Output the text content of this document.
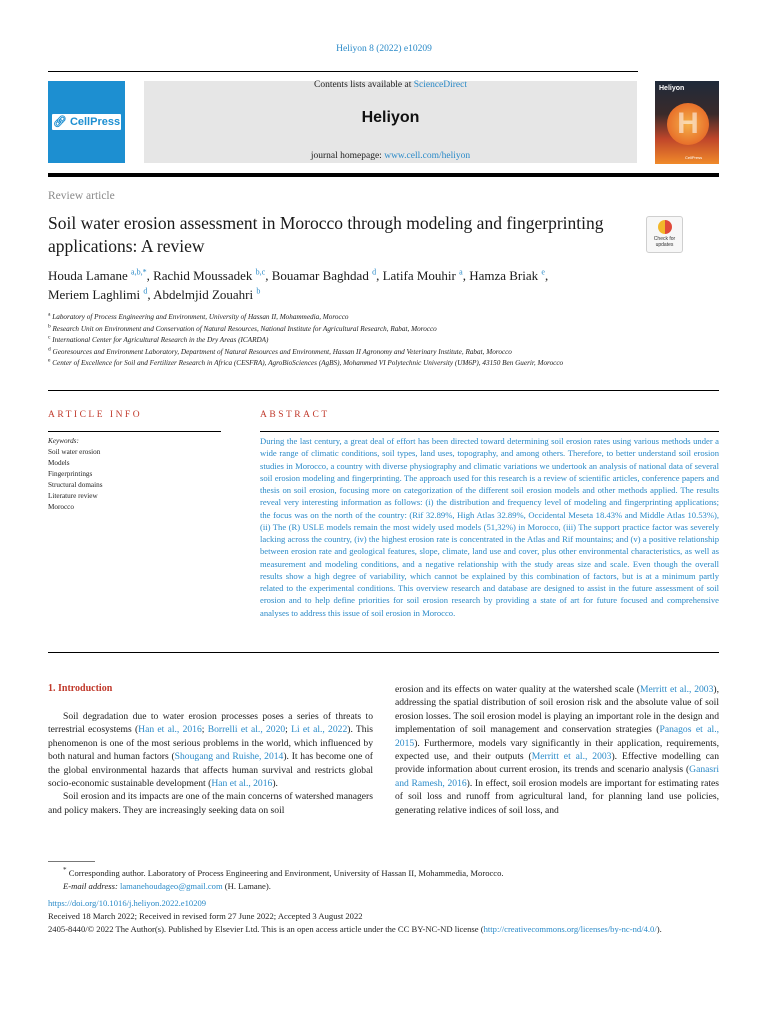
Heliyon 8 (2022) e10209
🔗︎ CellPress
Contents lists available at ScienceDirect
Heliyon
journal homepage: www.cell.com/heliyon
Heliyon
H
CellPress
Review article
Soil water erosion assessment in Morocco through modeling and fingerprinting applications: A review	Check for updates
Houda Lamane $^{a,b,*}$, Rachid Moussadek $^{b,c}$, Bouamar Baghdad $^d$, Latifa Mouhir $^a$, Hamza Briak $^e$,
Meriem Laghlimi $^d$, Abdelmjid Zouahri $^b$
$^a$ Laboratory of Process Engineering and Environment, University of Hassan II, Mohammedia, Morocco
$^b$ Research Unit on Environment and Conservation of Natural Resources, National Institute for Agricultural Research, Rabat, Morocco
$^c$ International Center for Agricultural Research in the Dry Areas (ICARDA)
$^d$ Georesources and Environment Laboratory, Department of Natural Resources and Environment, Hassan II Agronomy and Veterinary Institute, Rabat, Morocco
$^e$ Center of Excellence for Soil and Fertilizer Research in Africa (CESFRA), AgroBioSciences (AgBS), Mohammed VI Polytechnic University (UM6P), 43150 Ben Guerir, Morocco
ARTICLE INFO	ABSTRACT
Keywords:
Soil water erosion
Models
Fingerprintings
Structural domains
Literature review
Morocco
During the last century, a great deal of effort has been directed toward determining soil erosion rates using various methods under a wide range of climatic conditions, soil types, land uses, topography, and among others. Therefore, to better understand soil erosion studies in Morocco, a country with diverse physiography and climatic variations we undertook an analysis of national data of several soil erosion modeling and fingerprinting. The approach used for this research is a review of scientific articles, conference papers and thesis on soil erosion, focusing more on categorization of the different soil erosion models and other methods applied. The results reveal very interesting information as follows: (i) the distribution and frequency level of modeling and fingerprinting applications; the focus was on the north of the country: (Rif 32.89%, High Atlas 32.89%, Occidental Meseta 18.43% and Middle Atlas 10.53%), (ii) The (R) USLE models remain the most widely used models (51,32%) in Morocco, (iii) The support practice factor was severely lacking across the country, (iv) the highest erosion rate is concentrated in the Atlas and Rif mountains; and (v) a positive relationship between erosion rate and geological features, slope, climate, land use and cover, plus other environmental characteristics, as well as measurement and modeling conditions, and a negative relationship with the study areas size and scale. Even though the overall results show a high degree of variability, which cannot be explained by this combination of factors, but is at a minimum partly related to the experimental conditions. This overview research and database are designed to assist in the future assessment of soil erosion and to help define priorities for soil erosion research by providing a state of art for future focused and comprehensive analyses to address this issue of soil erosion in Morocco.
1. Introduction

Soil degradation due to water erosion processes poses a series of threats to terrestrial ecosystems (Han et al., 2016; Borrelli et al., 2020; Li et al., 2022). This phenomenon is one of the most serious problems in the world, which influenced by both natural and human factors (Shougang and Ruishe, 2014). It has become one of the global environmental hazards that affects human survival and restricts global socio-economic sustainable development (Han et al., 2016).

Soil erosion and its impacts are one of the main concerns of watershed managers and policy makers. They are increasingly seeking data on soil

erosion and its effects on water quality at the watershed scale (Merritt et al., 2003), addressing the spatial distribution of soil erosion risk and the absolute value of soil erosion losses. The soil erosion model is playing an important role in the design and implementation of soil management and conservation strategies (Panagos et al., 2015). Furthermore, models vary significantly in their application, requirements, expected use, and their outputs (Merritt et al., 2003). Effective modelling can provide information about current erosion, its trends and scenario analysis (Ganasri and Ramesh, 2016). In effect, soil erosion models are important for estimating rates of soil loss and runoff from agricultural land, for planning land use policies, generating relative indices of soil loss, and

* Corresponding author. Laboratory of Process Engineering and Environment, University of Hassan II, Mohammedia, Morocco.
E-mail address: lamanehoudageo@gmail.com (H. Lamane).
https://doi.org/10.1016/j.heliyon.2022.e10209
Received 18 March 2022; Received in revised form 27 June 2022; Accepted 3 August 2022
2405-8440/© 2022 The Author(s). Published by Elsevier Ltd. This is an open access article under the CC BY-NC-ND license (http://creativecommons.org/licenses/by-nc-nd/4.0/).
